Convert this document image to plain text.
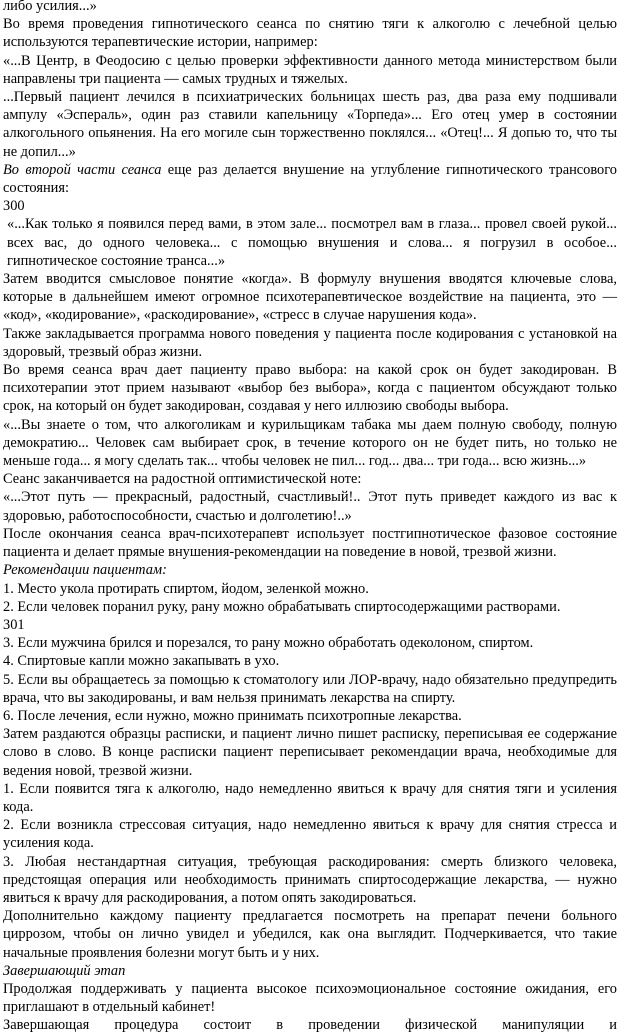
либо усилия...»

Во время проведения гипнотического сеанса по снятию тяги к алкоголю с лечебной целью используются терапевтические истории, например:

«...В Центр, в Феодосию с целью проверки эффективности данного метода министерством были направлены три пациента — самых трудных и тяжелых.

...Первый пациент лечился в психиатрических больницах шесть раз, два раза ему подшивали ампулу «Эспераль», один раз ставили капельницу «Торпеда»... Его отец умер в состоянии алкогольного опьянения. На его могиле сын торжественно поклялся... «Отец!... Я допью то, что ты не допил...»

Во второй части сеанса еще раз делается внушение на углубление гипнотического трансового состояния:

300

«...Как только я появился перед вами, в этом зале... посмотрел вам в глаза... провел своей рукой... всех вас, до одного человека... с помощью внушения и слова... я погрузил в особое... гипнотическое состояние транса...»

Затем вводится смысловое понятие «когда». В формулу внушения вводятся ключевые слова, которые в дальнейшем имеют огромное психотерапевтическое воздействие на пациента, это — «код», «кодирование», «раскодирование», «стресс в случае нарушения кода».

Также закладывается программа нового поведения у пациента после кодирования с установкой на здоровый, трезвый образ жизни.

Во время сеанса врач дает пациенту право выбора: на какой срок он будет закодирован. В психотерапии этот прием называют «выбор без выбора», когда с пациентом обсуждают только срок, на который он будет закодирован, создавая у него иллюзию свободы выбора.

«...Вы знаете о том, что алкоголикам и курильщикам табака мы даем полную свободу, полную демократию... Человек сам выбирает срок, в течение которого он не будет пить, но только не меньше года... я могу сделать так... чтобы человек не пил... год... два... три года... всю жизнь...»

Сеанс заканчивается на радостной оптимистической ноте:

«...Этот путь — прекрасный, радостный, счастливый!.. Этот путь приведет каждого из вас к здоровью, работоспособности, счастью и долголетию!..»

После окончания сеанса врач-психотерапевт использует постгипнотическое фазовое состояние пациента и делает прямые внушения-рекомендации на поведение в новой, трезвой жизни.

Рекомендации пациентам:

1. Место укола протирать спиртом, йодом, зеленкой можно.

2. Если человек поранил руку, рану можно обрабатывать спиртосодержащими растворами.

301

3. Если мужчина брился и порезался, то рану можно обработать одеколоном, спиртом.

4. Спиртовые капли можно закапывать в ухо.

5. Если вы обращаетесь за помощью к стоматологу или ЛОР-врачу, надо обязательно предупредить врача, что вы закодированы, и вам нельзя принимать лекарства на спирту.

6. После лечения, если нужно, можно принимать психотропные лекарства.

Затем раздаются образцы расписки, и пациент лично пишет расписку, переписывая ее содержание слово в слово. В конце расписки пациент переписывает рекомендации врача, необходимые для ведения новой, трезвой жизни.

1. Если появится тяга к алкоголю, надо немедленно явиться к врачу для снятия тяги и усиления кода.

2. Если возникла стрессовая ситуация, надо немедленно явиться к врачу для снятия стресса и усиления кода.

3. Любая нестандартная ситуация, требующая раскодирования: смерть близкого человека, предстоящая операция или необходимость принимать спиртосодержащие лекарства, — нужно явиться к врачу для раскодирования, а потом опять закодироваться.

Дополнительно каждому пациенту предлагается посмотреть на препарат печени больного циррозом, чтобы он лично увидел и убедился, как она выглядит. Подчеркивается, что такие начальные проявления болезни могут быть и у них.

Завершающий этап

Продолжая поддерживать у пациента высокое психоэмоциональное состояние ожидания, его приглашают в отдельный кабинет!

Завершающая процедура состоит в проведении физической манипуляции и
